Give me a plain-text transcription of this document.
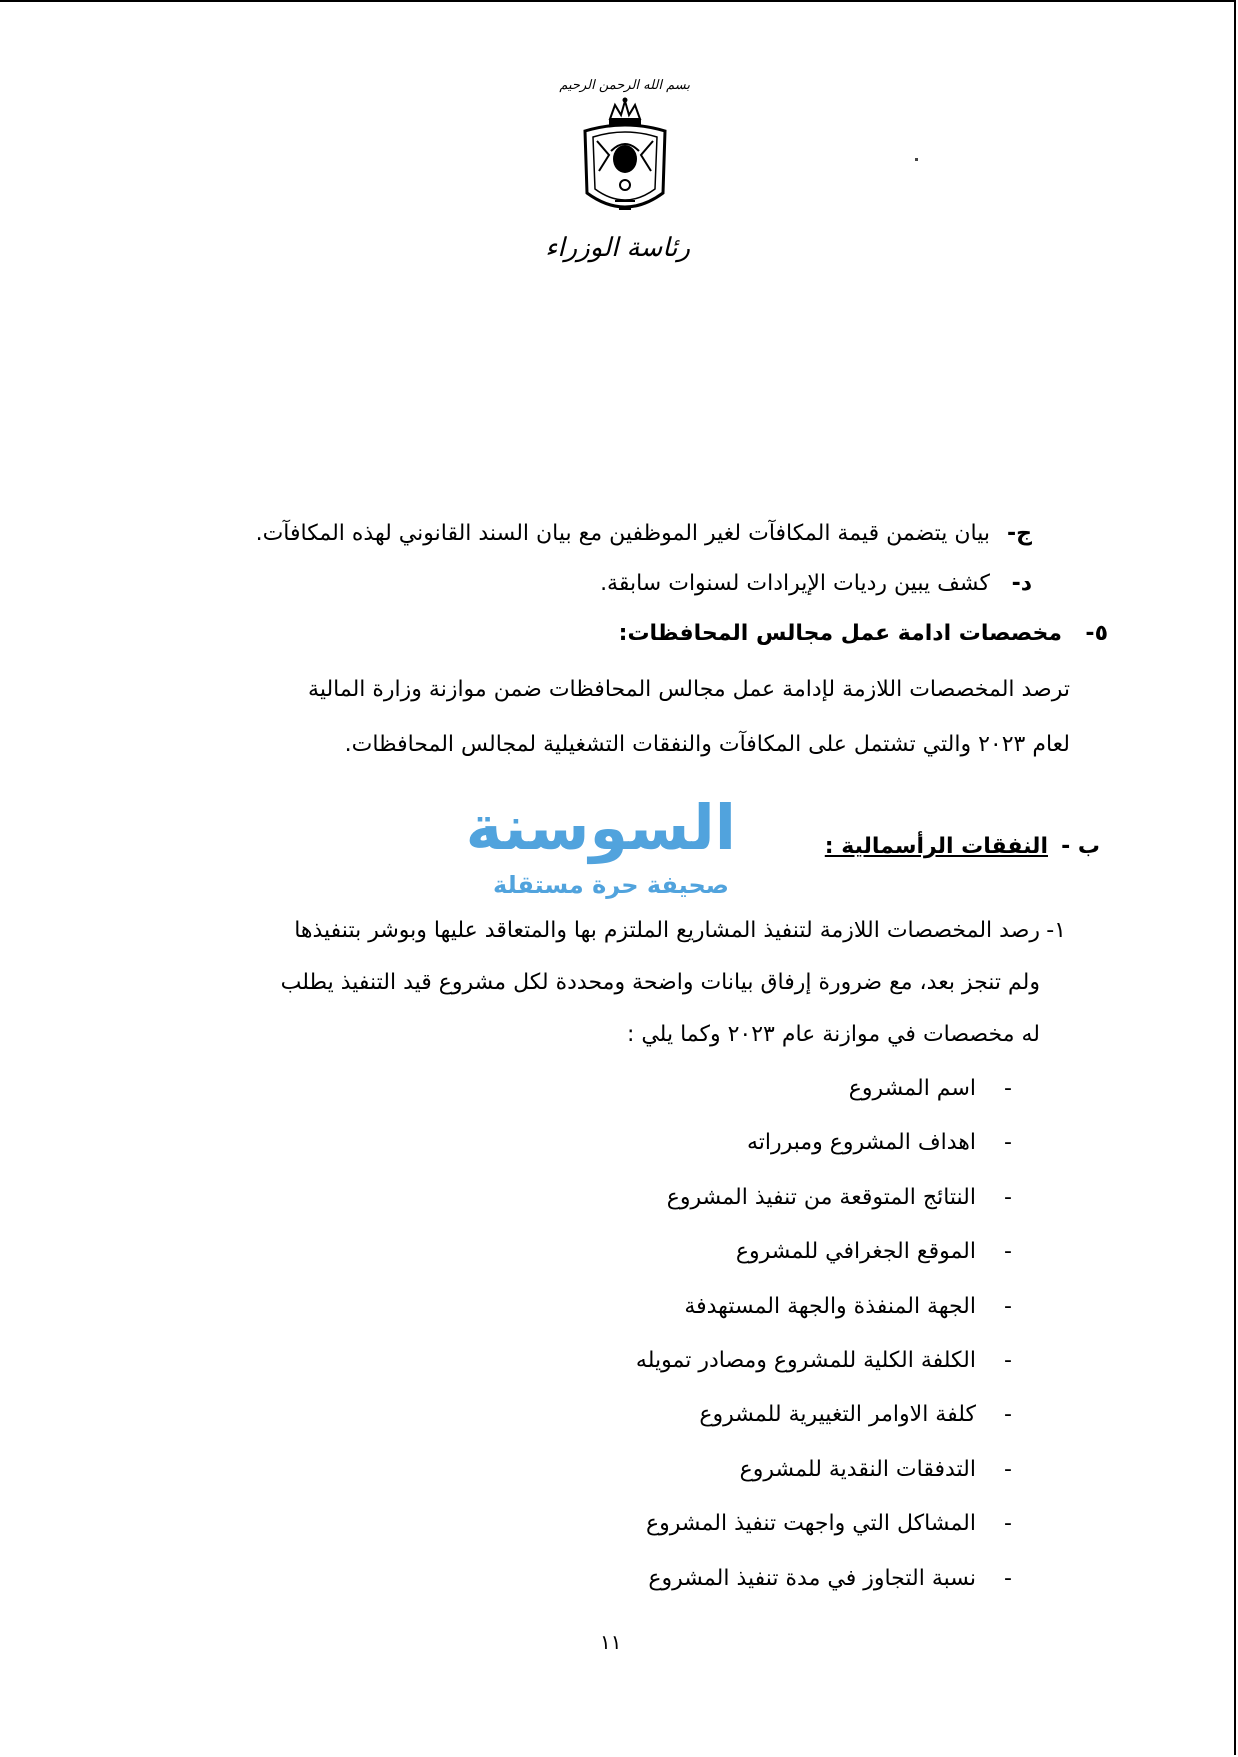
بسم الله الرحمن الرحيم
رئاسة الوزراء
ج-
بيان يتضمن قيمة المكافآت لغير الموظفين مع بيان السند القانوني لهذه المكافآت.
د-
كشف يبين رديات الإيرادات لسنوات سابقة.
٥-
مخصصات ادامة عمل مجالس المحافظات:
ترصد المخصصات اللازمة لإدامة عمل مجالس المحافظات ضمن موازنة وزارة المالية
لعام ٢٠٢٣ والتي تشتمل على المكافآت والنفقات التشغيلية لمجالس المحافظات.
ب -
النفقات الرأسمالية :
١-
رصد المخصصات اللازمة لتنفيذ المشاريع الملتزم بها والمتعاقد عليها وبوشر بتنفيذها
ولم تنجز بعد، مع ضرورة إرفاق بيانات واضحة ومحددة لكل مشروع قيد التنفيذ يطلب
له مخصصات في موازنة عام ٢٠٢٣ وكما يلي :
-
اسم المشروع
-
اهداف المشروع ومبرراته
-
النتائج المتوقعة من تنفيذ المشروع
-
الموقع الجغرافي للمشروع
-
الجهة المنفذة والجهة المستهدفة
-
الكلفة الكلية للمشروع ومصادر تمويله
-
كلفة الاوامر التغييرية للمشروع
-
التدفقات النقدية للمشروع
-
المشاكل التي واجهت تنفيذ المشروع
-
نسبة التجاوز في مدة تنفيذ المشروع
السوسنة
صحيفة حرة مستقلة
١١
